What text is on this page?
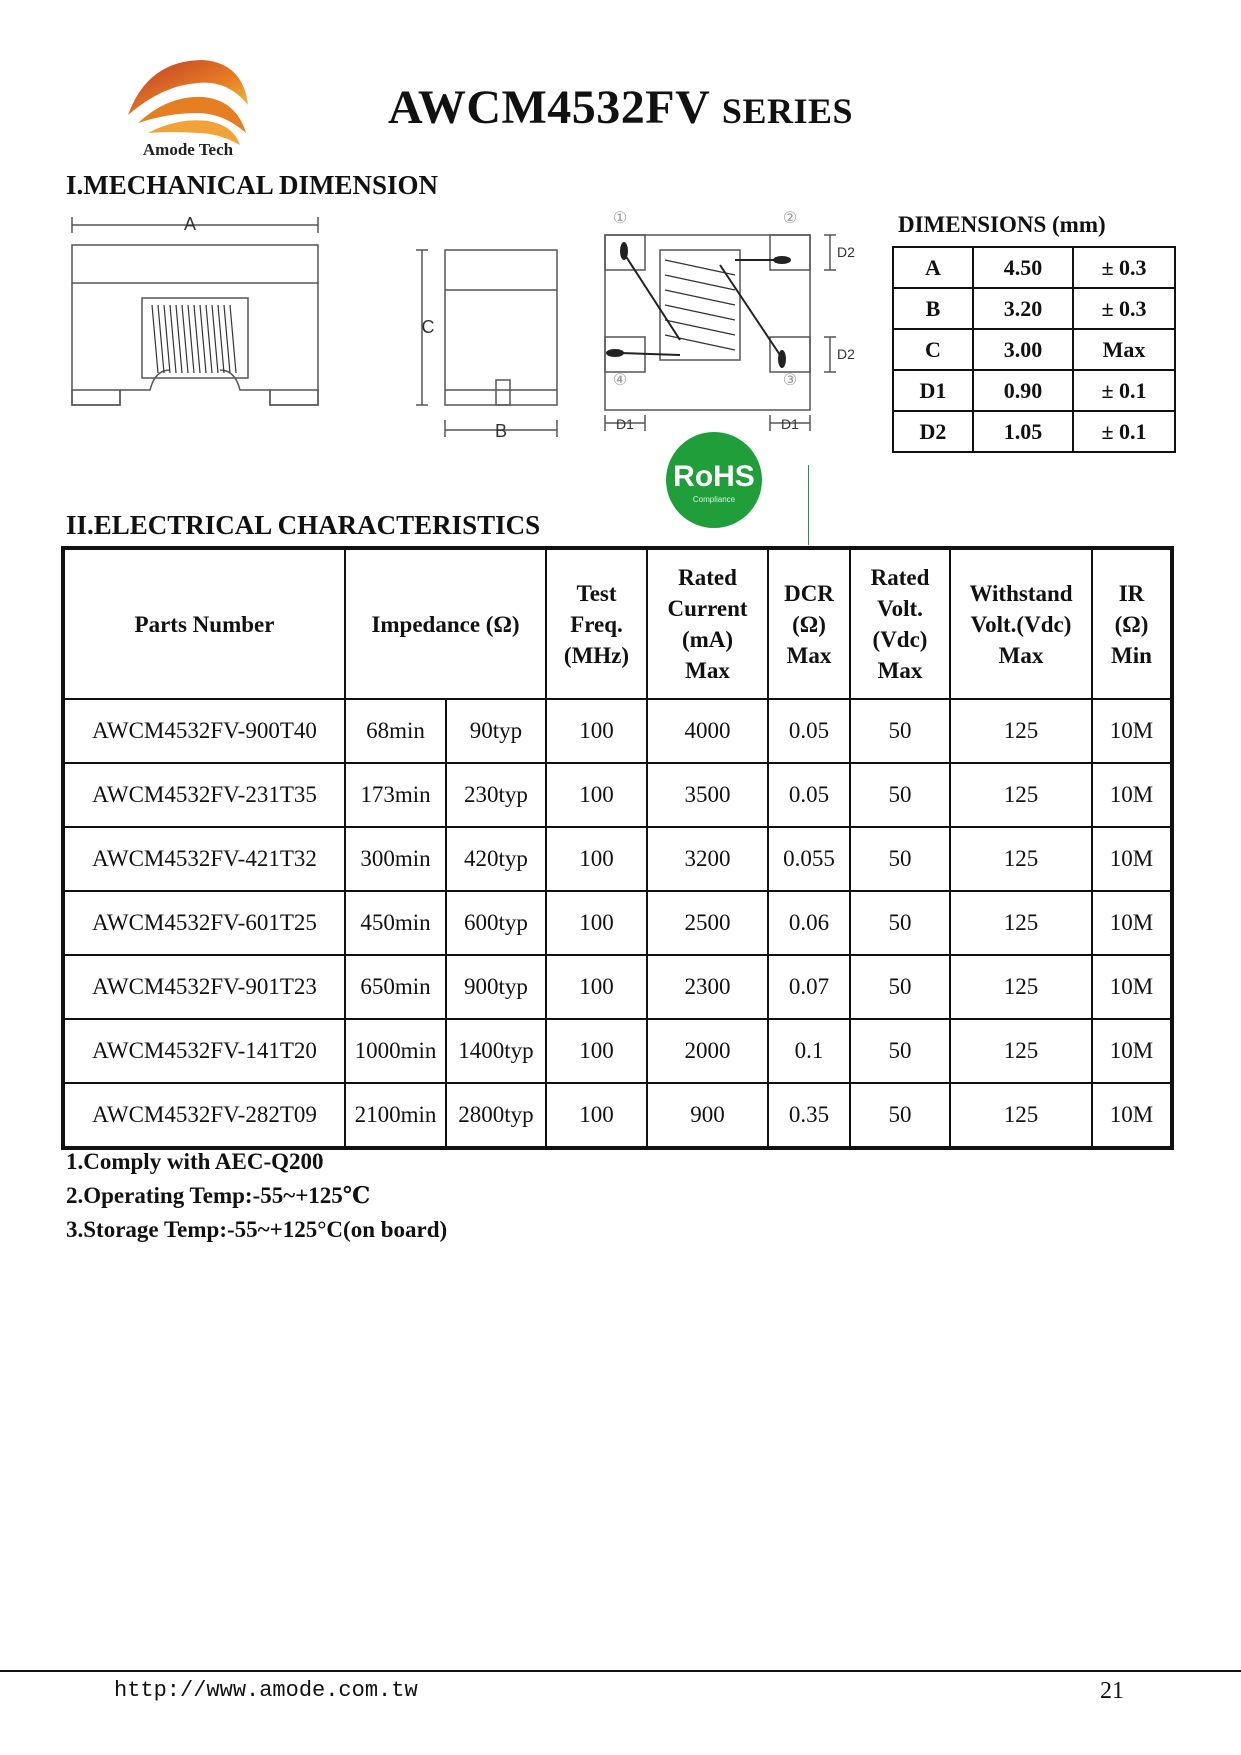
Amode Tech
AWCM4532FV SERIES
I.MECHANICAL DIMENSION
A
C
B
①	②
④	③
D2
D2
D1	D1
DIMENSIONS (mm)
A	4.50	± 0.3
B	3.20	± 0.3
C	3.00	Max
D1	0.90	± 0.1
D2	1.05	± 0.1
RoHS
Compliance
II.ELECTRICAL CHARACTERISTICS
Parts Number	Impedance (Ω)		Test
Freq.
(MHz)	Rated
Current
(mA)
Max	DCR
(Ω)
Max	Rated
Volt.
(Vdc)
Max	Withstand
Volt.(Vdc)
Max	IR
(Ω)
Min
AWCM4532FV-900T40	68min	90typ	100	4000	0.05	50	125	10M
AWCM4532FV-231T35	173min	230typ	100	3500	0.05	50	125	10M
AWCM4532FV-421T32	300min	420typ	100	3200	0.055	50	125	10M
AWCM4532FV-601T25	450min	600typ	100	2500	0.06	50	125	10M
AWCM4532FV-901T23	650min	900typ	100	2300	0.07	50	125	10M
AWCM4532FV-141T20	1000min	1400typ	100	2000	0.1	50	125	10M
AWCM4532FV-282T09	2100min	2800typ	100	900	0.35	50	125	10M
1.Comply with AEC-Q200
2.Operating Temp:-55~+125℃
3.Storage Temp:-55~+125°C(on board)
http://www.amode.com.tw	21
